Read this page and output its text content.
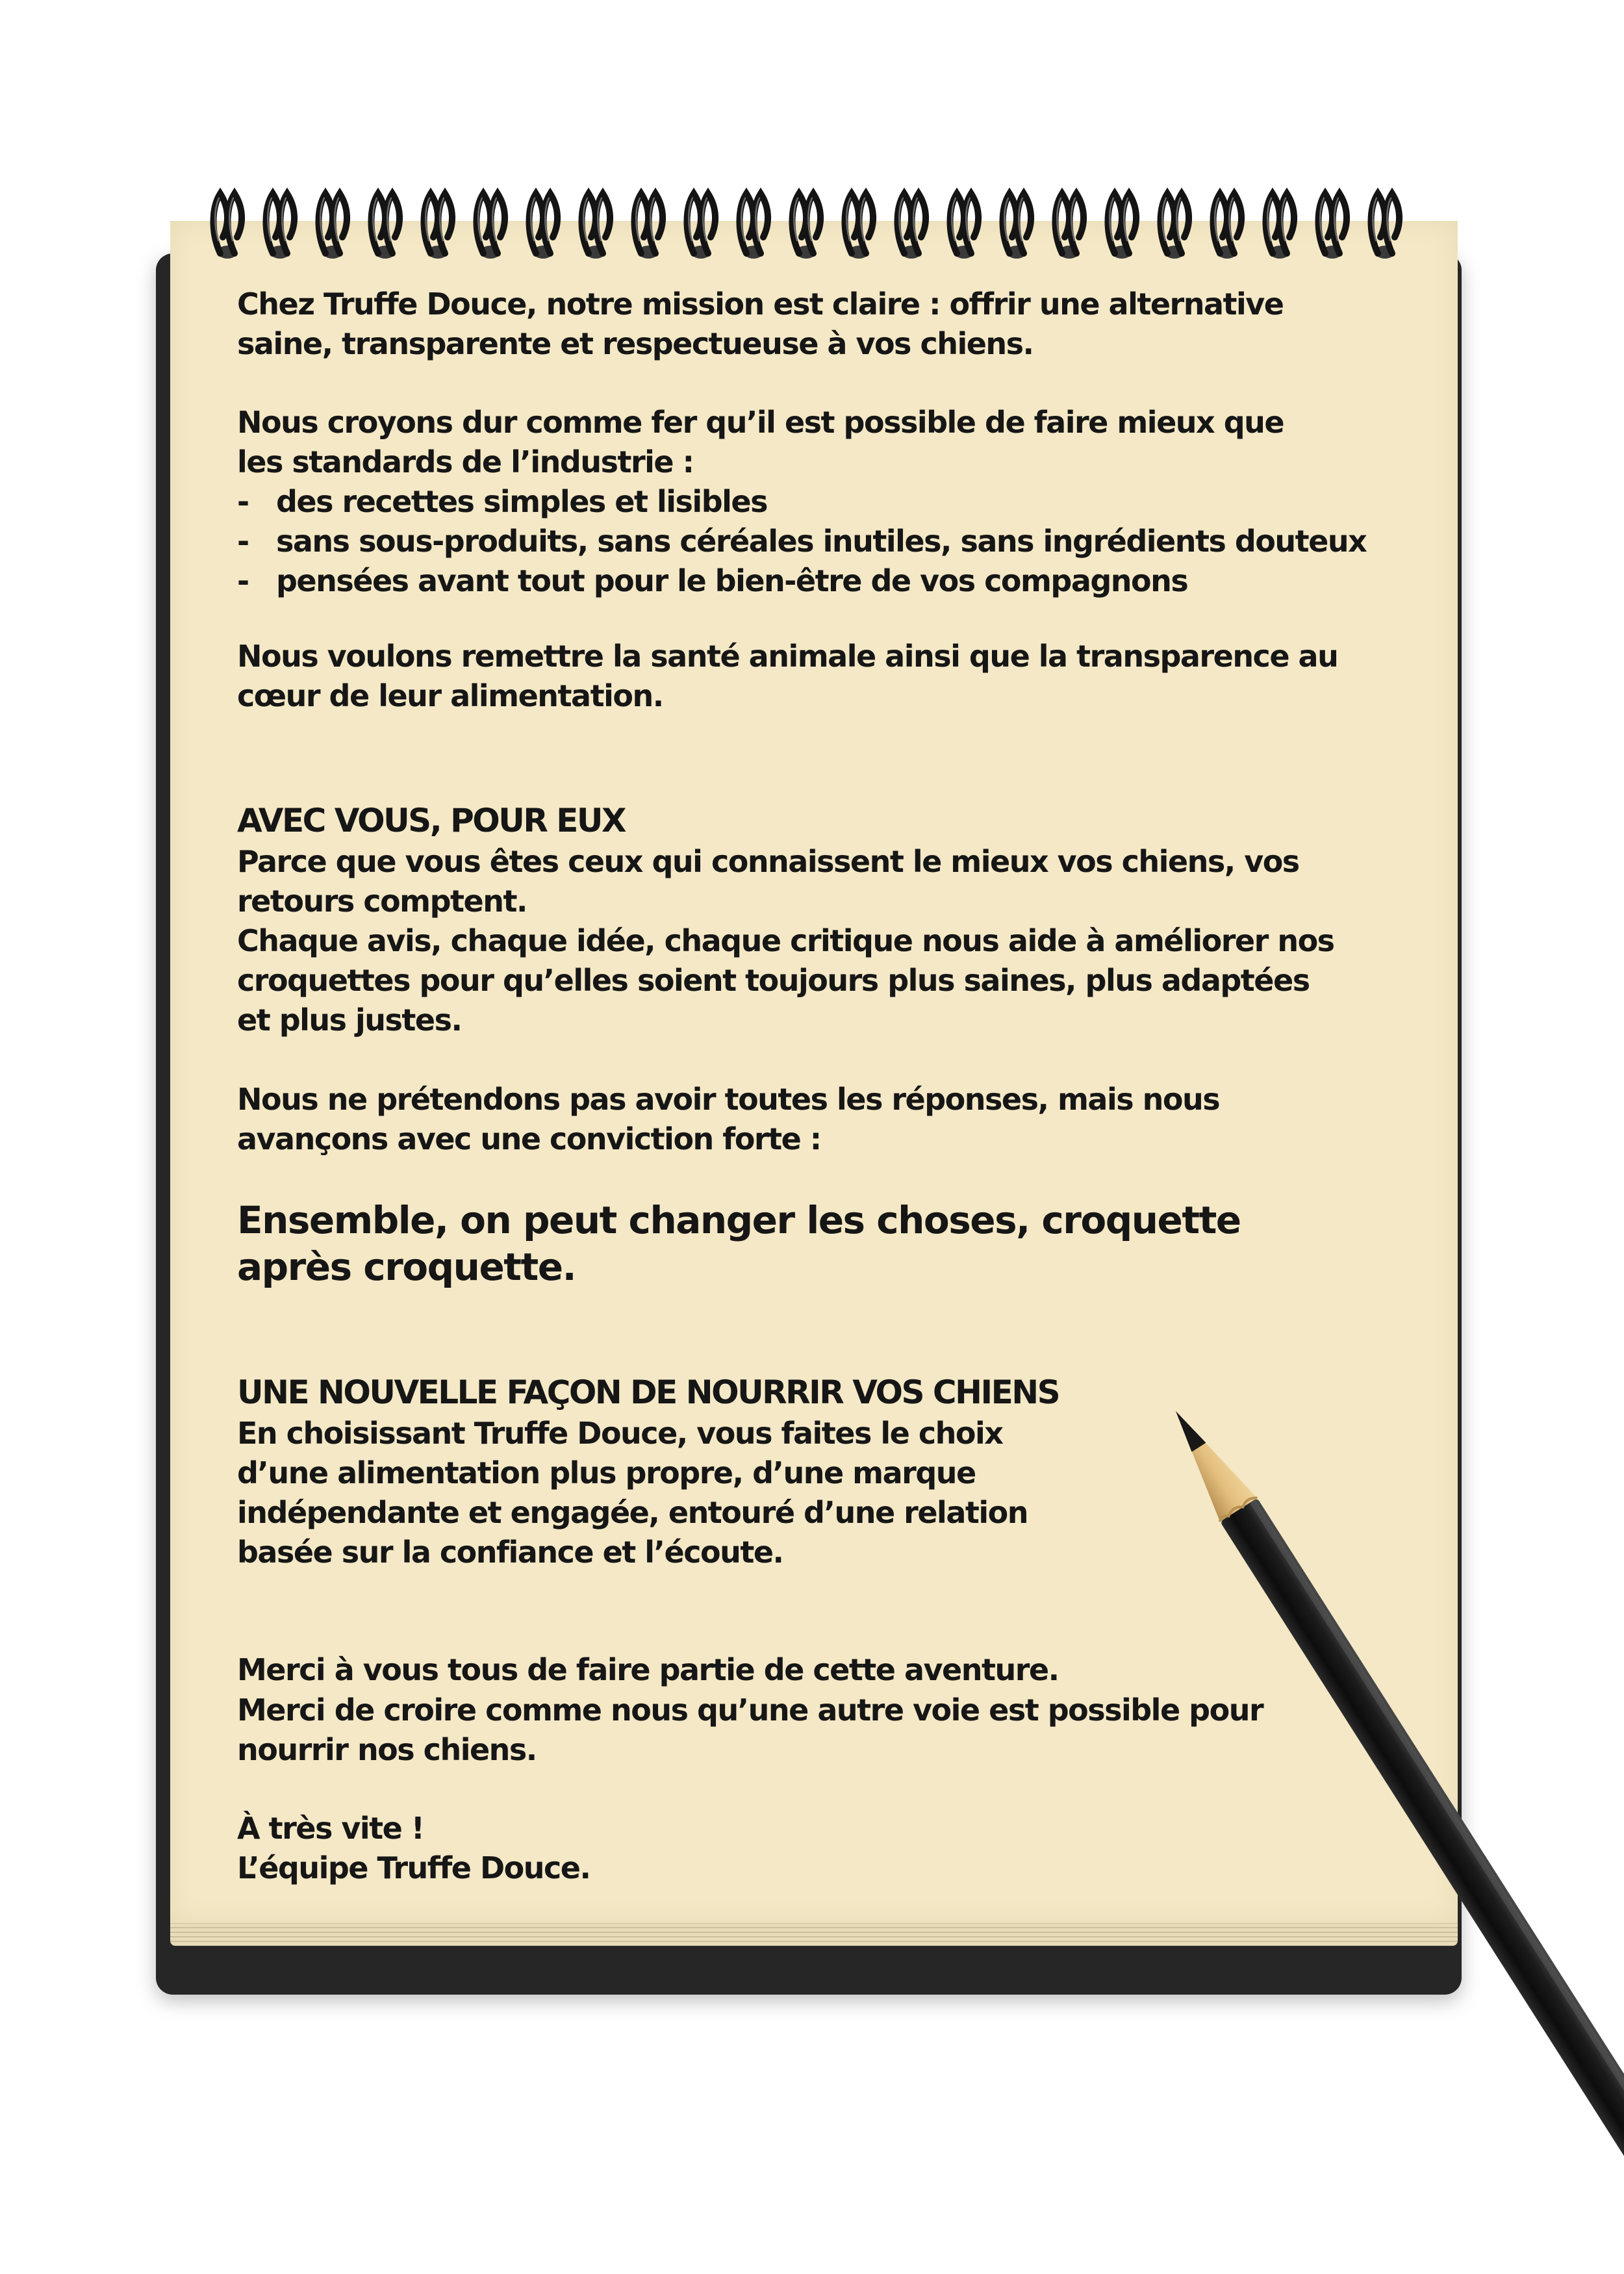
Chez Truffe Douce, notre mission est claire : offrir une alternative saine, transparente et respectueuse à vos chiens.

Nous croyons dur comme fer qu’il est possible de faire mieux que les standards de l’industrie :

- des recettes simples et lisibles
- sans sous-produits, sans céréales inutiles, sans ingrédients douteux
- pensées avant tout pour le bien-être de vos compagnons

Nous voulons remettre la santé animale ainsi que la transparence au cœur de leur alimentation.

AVEC VOUS, POUR EUX

Parce que vous êtes ceux qui connaissent le mieux vos chiens, vos retours comptent.

Chaque avis, chaque idée, chaque critique nous aide à améliorer nos croquettes pour qu’elles soient toujours plus saines, plus adaptées et plus justes.

Nous ne prétendons pas avoir toutes les réponses, mais nous avançons avec une conviction forte :

Ensemble, on peut changer les choses, croquette après croquette.

UNE NOUVELLE FAÇON DE NOURRIR VOS CHIENS

En choisissant Truffe Douce, vous faites le choix d’une alimentation plus propre, d’une marque indépendante et engagée, entouré d’une relation basée sur la confiance et l’écoute.

Merci à vous tous de faire partie de cette aventure.

Merci de croire comme nous qu’une autre voie est possible pour nourrir nos chiens.

À très vite !

L’équipe Truffe Douce.
